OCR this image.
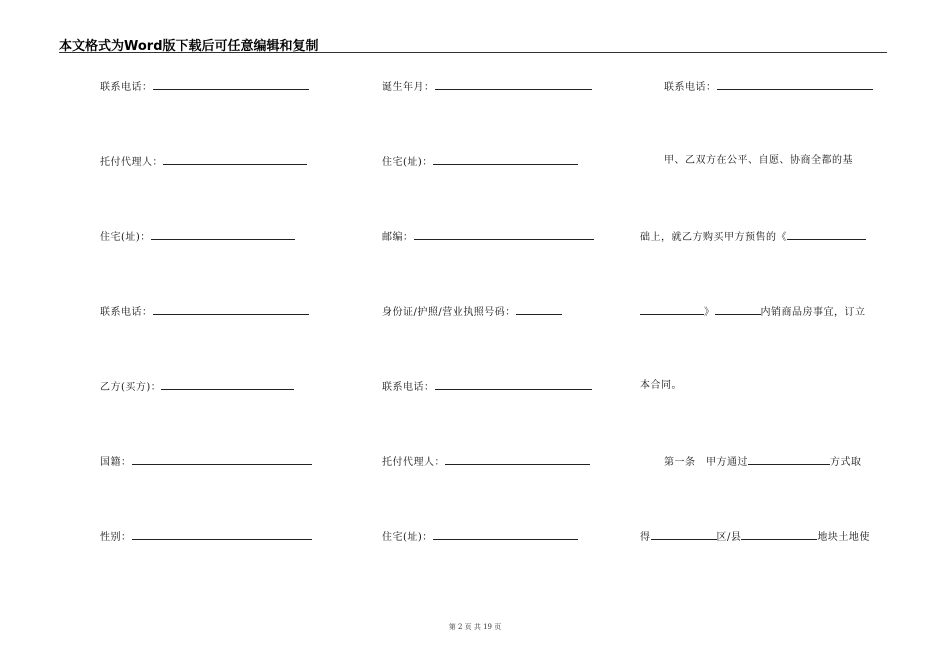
本文格式为Word版下载后可任意编辑和复制
联系电话：
托付代理人：
住宅(址)：
联系电话：
乙方(买方)：
国籍：
性别：
诞生年月：
住宅(址)：
邮编：
身份证/护照/营业执照号码：
联系电话：
托付代理人：
住宅(址)：
联系电话：
甲、乙双方在公平、自愿、协商全都的基
础上，就乙方购买甲方预售的《
》	内销商品房事宜，订立
本合同。
第一条　甲方通过	方式取
得	区/县	地块土地使
第 2 页 共 19 页
